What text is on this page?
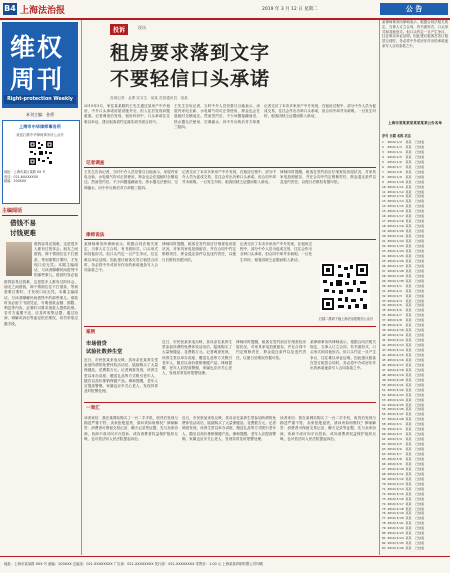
B4 上海法治报	2019 年 3 月 12 日 星期二	公 告
某律师事务所律师表示，根据合同法相关规定，当事人订立合同，有书面形式、口头形式和其他形式。但口头约定一旦产生争议，往往难以举证证明。因此建议租客在签订租赁合同时，务必将中介或房东作出的承诺逐条写入合同条款之中。
上海市某某某某某某某某公告名单
序号 日期 名称 状态
1  2019/1/2  某某  已结案
2  2019/1/3  某某  已结案
3  2019/1/4  某某  已结案
4  2019/1/5  某某  已结案
5  2019/1/6  某某  已结案
6  2019/1/7  某某  已结案
7  2019/1/8  某某  已结案
8  2019/1/9  某某  已结案
9  2019/1/10 某某  已结案
10 2019/1/11 某某  已结案
11 2019/1/12 某某  已结案
12 2019/1/13 某某  已结案
13 2019/1/14 某某  已结案
14 2019/1/15 某某  已结案
15 2019/1/16 某某  已结案
16 2019/1/17 某某  已结案
17 2019/1/18 某某  已结案
18 2019/1/19 某某  已结案
19 2019/1/20 某某  已结案
20 2019/1/21 某某  已结案
21 2019/1/22 某某  已结案
22 2019/1/23 某某  已结案
23 2019/1/24 某某  已结案
24 2019/1/25 某某  已结案
25 2019/1/26 某某  已结案
26 2019/1/27 某某  已结案
27 2019/1/28 某某  已结案
28 2019/1/29 某某  已结案
29 2019/1/30 某某  已结案
30 2019/2/1  某某  已结案
31 2019/2/2  某某  已结案
32 2019/2/3  某某  已结案
33 2019/2/4  某某  已结案
34 2019/2/5  某某  已结案
35 2019/2/6  某某  已结案
36 2019/2/7  某某  已结案
37 2019/2/8  某某  已结案
38 2019/2/9  某某  已结案
39 2019/2/10 某某  已结案
40 2019/2/11 某某  已结案
41 2019/2/12 某某  已结案
42 2019/2/13 某某  已结案
43 2019/2/14 某某  已结案
44 2019/2/15 某某  已结案
45 2019/2/16 某某  已结案
46 2019/2/17 某某  已结案
47 2019/2/18 某某  已结案
48 2019/2/19 某某  已结案
49 2019/2/20 某某  已结案
50 2019/2/21 某某  已结案
51 2019/2/22 某某  已结案
52 2019/2/23 某某  已结案
53 2019/2/24 某某  已结案
54 2019/2/25 某某  已结案
55 2019/2/26 某某  已结案
56 2019/2/27 某某  已结案
57 2019/2/28 某某  已结案
58 2019/3/1  某某  已结案
59 2019/3/2  某某  已结案
60 2019/3/3  某某  已结案
61 2019/3/4  某某  已结案
62 2019/3/5  某某  已结案
63 2019/3/6  某某  已结案
64 2019/3/7  某某  已结案
65 2019/3/8  某某  已结案
66 2019/3/9  某某  已结案
67 2019/3/10 某某  已结案
68 2019/3/11 某某  已结案
69 2019/3/12 某某  已结案
70 2019/3/13 某某  已结案
71 2019/3/14 某某  已结案
72 2019/3/15 某某  已结案
73 2019/3/16 某某  已结案
74 2019/3/17 某某  已结案
75 2019/3/18 某某  已结案
76 2019/3/19 某某  已结案
77 2019/3/20 某某  已结案
78 2019/3/21 某某  已结案
79 2019/3/22 某某  已结案
80 2019/3/23 某某  已结案
81 2019/3/24 某某  已结案
82 2019/3/25 某某  已结案
83 2019/3/26 某某  已结案
维权
周刊
Right-protection Weekly
本刊主编：金勇
上海市中华律师事务所
欢迎扫描中华律师事务所公众号
地址：上海市某区某路 XX 号
电话：021-6XXXXXXX
邮编：200XXX
主编闻话
借钱不易
讨钱更难
借钱容易还钱难，这是很多人都有过的体会。朋友之间借钱，碍于情面往往不打借条，等到需要讨要时，才发现口说无凭。本期主编闻话，与读者聊聊民间借贷中的那些事儿。借款时务必留
借钱容易还钱难，这是很多人都有过的体会。朋友之间借钱，碍于情面往往不打借条，等到需要讨要时，才发现口说无凭。本期主编闻话，与读者聊聊民间借贷中的那些事儿。借款时务必留下书面凭证，写明借款金额、期限、利息等内容，必要时可要求借款人提供担保。若对方逾期不还，应及时收集证据，通过协商、调解或诉讼等途径依法维权，切勿采取过激手段。
投诉	现场
租房要求落到文字
不要轻信口头承诺
首席记者：金勇 实习生：某某 首届通讯员：某某
2019年3月，家住某某路的王先生通过某房产中介租房，中介口头承诺房屋设施齐全，但入住后发现问题重重。记者调查后发现，租房纠纷中，口头承诺往往难以举证，建议租客将约定落实到书面合同中。
王先生告诉记者，当时中介人员信誓旦旦地表示，房屋内家电全新、水电煤气均可正常使用，押金也会在退租时全额返还。然而签约后，不少问题接踵而至，热水器无法使用、空调漏水，向中介反映后对方却推三阻四。
记者走访了本市多家房产中介发现，在租房过程中，部分中介人员为促成交易，往往会作出各种口头承诺，但合同中却并未载明。一旦发生纠纷，租客因缺乏证据而陷入被动。
记者调查
王先生告诉记者，当时中介人员信誓旦旦地表示，房屋内家电全新、水电煤气均可正常使用，押金也会在退租时全额返还。然而签约后，不少问题接踵而至，热水器无法使用、空调漏水，向中介反映后对方却推三阻四。
记者走访了本市多家房产中介发现，在租房过程中，部分中介人员为促成交易，往往会作出各种口头承诺，但合同中却并未载明。一旦发生纠纷，租客因缺乏证据而陷入被动。
律师同时提醒，租客在签约前应仔细查验房屋状况，对家具家电拍照留存，并在合同中约定维修责任、押金退还条件以及违约责任，以便日后维权有据可依。
律师说法
某律师事务所律师表示，根据合同法相关规定，当事人订立合同，有书面形式、口头形式和其他形式。但口头约定一旦产生争议，往往难以举证证明。因此建议租客在签订租赁合同时，务必将中介或房东作出的承诺逐条写入合同条款之中。
律师同时提醒，租客在签约前应仔细查验房屋状况，对家具家电拍照留存，并在合同中约定维修责任、押金退还条件以及违约责任，以便日后维权有据可依。
记者走访了本市多家房产中介发现，在租房过程中，部分中介人员为促成交易，往往会作出各种口头承诺，但合同中却并未载明。一旦发生纠纷，租客因缺乏证据而陷入被动。
扫描二维码下载上海法治报微信公众号
案例
市场借贷
试验社数养生堂
近日，市民张某来电反映，其母亲在某养生堂参加所谓的免费体验活动后，陆续购买了大量保健品，花费数万元。记者调查发现，该养生堂以举办讲座、赠送礼品等方式吸引老年人，随后以高价推销保健产品。律师提醒，老年人应提高警惕，家属也应多关心老人，发现异常及时报警处理。
近日，市民张某来电反映，其母亲在某养生堂参加所谓的免费体验活动后，陆续购买了大量保健品，花费数万元。记者调查发现，该养生堂以举办讲座、赠送礼品等方式吸引老年人，随后以高价推销保健产品。律师提醒，老年人应提高警惕，家属也应多关心老人，发现异常及时报警处理。
律师同时提醒，租客在签约前应仔细查验房屋状况，对家具家电拍照留存，并在合同中约定维修责任、押金退还条件以及违约责任，以便日后维权有据可依。
某律师事务所律师表示，根据合同法相关规定，当事人订立合同，有书面形式、口头形式和其他形式。但口头约定一旦产生争议，往往难以举证证明。因此建议租客在签订租赁合同时，务必将中介或房东作出的承诺逐条写入合同条款之中。
一周汇
读者来信：我在某网站购买了一台二手手机，收货后发现与描述严重不符，卖家拒绝退货，请问该如何维权？律师解答：消费者可保留交易记录、聊天记录等证据，先与卖家协商，协商不成可向平台投诉，或向消费者权益保护组织反映，也可依法向人民法院提起诉讼。
近日，市民张某来电反映，其母亲在某养生堂参加所谓的免费体验活动后，陆续购买了大量保健品，花费数万元。记者调查发现，该养生堂以举办讲座、赠送礼品等方式吸引老年人，随后以高价推销保健产品。律师提醒，老年人应提高警惕，家属也应多关心老人，发现异常及时报警处理。
读者来信：我在某网站购买了一台二手手机，收货后发现与描述严重不符，卖家拒绝退货，请问该如何维权？律师解答：消费者可保留交易记录、聊天记录等证据，先与卖家协商，协商不成可向平台投诉，或向消费者权益保护组织反映，也可依法向人民法院提起诉讼。
地址：上海市某某路 XXX 号 邮编：200XXX 总编室：021-XXXXXXXX 广告部：021-XXXXXXXX 发行部：021-XXXXXXXX 零售价：1.00 元 上海某某印刷有限公司印刷
